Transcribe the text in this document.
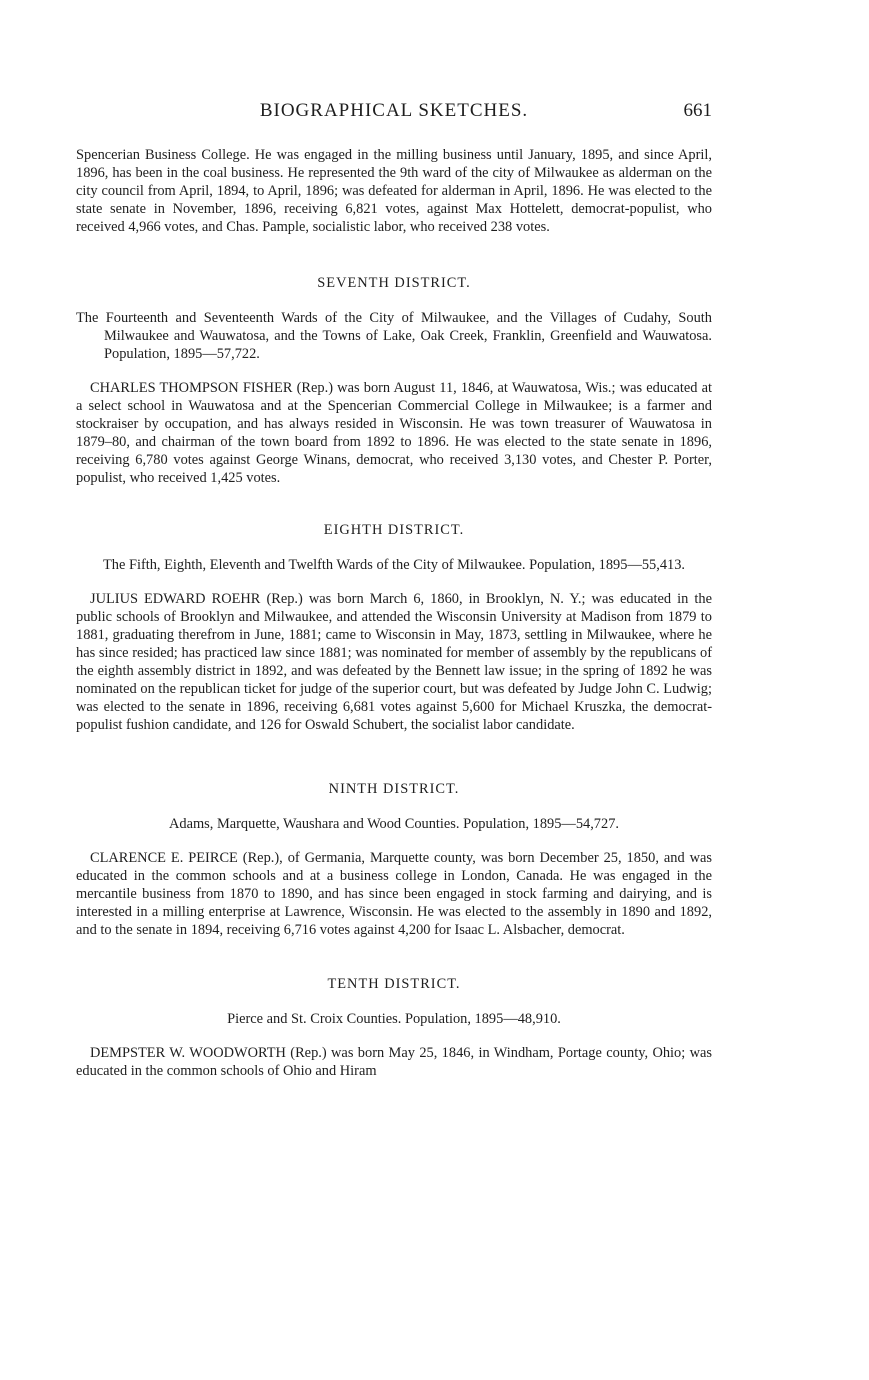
BIOGRAPHICAL SKETCHES.	661

Spencerian Business College. He was engaged in the milling business until January, 1895, and since April, 1896, has been in the coal business. He represented the 9th ward of the city of Milwaukee as alderman on the city council from April, 1894, to April, 1896; was defeated for alderman in April, 1896. He was elected to the state senate in November, 1896, receiving 6,821 votes, against Max Hottelett, democrat-populist, who received 4,966 votes, and Chas. Pample, socialistic labor, who received 238 votes.

SEVENTH DISTRICT.

The Fourteenth and Seventeenth Wards of the City of Milwaukee, and the Villages of Cudahy, South Milwaukee and Wauwatosa, and the Towns of Lake, Oak Creek, Franklin, Greenfield and Wauwatosa. Population, 1895—57,722.

CHARLES THOMPSON FISHER (Rep.) was born August 11, 1846, at Wauwatosa, Wis.; was educated at a select school in Wauwatosa and at the Spencerian Commercial College in Milwaukee; is a farmer and stockraiser by occupation, and has always resided in Wisconsin. He was town treasurer of Wauwatosa in 1879–80, and chairman of the town board from 1892 to 1896. He was elected to the state senate in 1896, receiving 6,780 votes against George Winans, democrat, who received 3,130 votes, and Chester P. Porter, populist, who received 1,425 votes.

EIGHTH DISTRICT.

The Fifth, Eighth, Eleventh and Twelfth Wards of the City of Milwaukee. Population, 1895—55,413.

JULIUS EDWARD ROEHR (Rep.) was born March 6, 1860, in Brooklyn, N. Y.; was educated in the public schools of Brooklyn and Milwaukee, and attended the Wisconsin University at Madison from 1879 to 1881, graduating therefrom in June, 1881; came to Wisconsin in May, 1873, settling in Milwaukee, where he has since resided; has practiced law since 1881; was nominated for member of assembly by the republicans of the eighth assembly district in 1892, and was defeated by the Bennett law issue; in the spring of 1892 he was nominated on the republican ticket for judge of the superior court, but was defeated by Judge John C. Ludwig; was elected to the senate in 1896, receiving 6,681 votes against 5,600 for Michael Kruszka, the democrat-populist fushion candidate, and 126 for Oswald Schubert, the socialist labor candidate.

NINTH DISTRICT.

Adams, Marquette, Waushara and Wood Counties. Population, 1895—54,727.

CLARENCE E. PEIRCE (Rep.), of Germania, Marquette county, was born December 25, 1850, and was educated in the common schools and at a business college in London, Canada. He was engaged in the mercantile business from 1870 to 1890, and has since been engaged in stock farming and dairying, and is interested in a milling enterprise at Lawrence, Wisconsin. He was elected to the assembly in 1890 and 1892, and to the senate in 1894, receiving 6,716 votes against 4,200 for Isaac L. Alsbacher, democrat.

TENTH DISTRICT.

Pierce and St. Croix Counties. Population, 1895—48,910.

DEMPSTER W. WOODWORTH (Rep.) was born May 25, 1846, in Windham, Portage county, Ohio; was educated in the common schools of Ohio and Hiram
